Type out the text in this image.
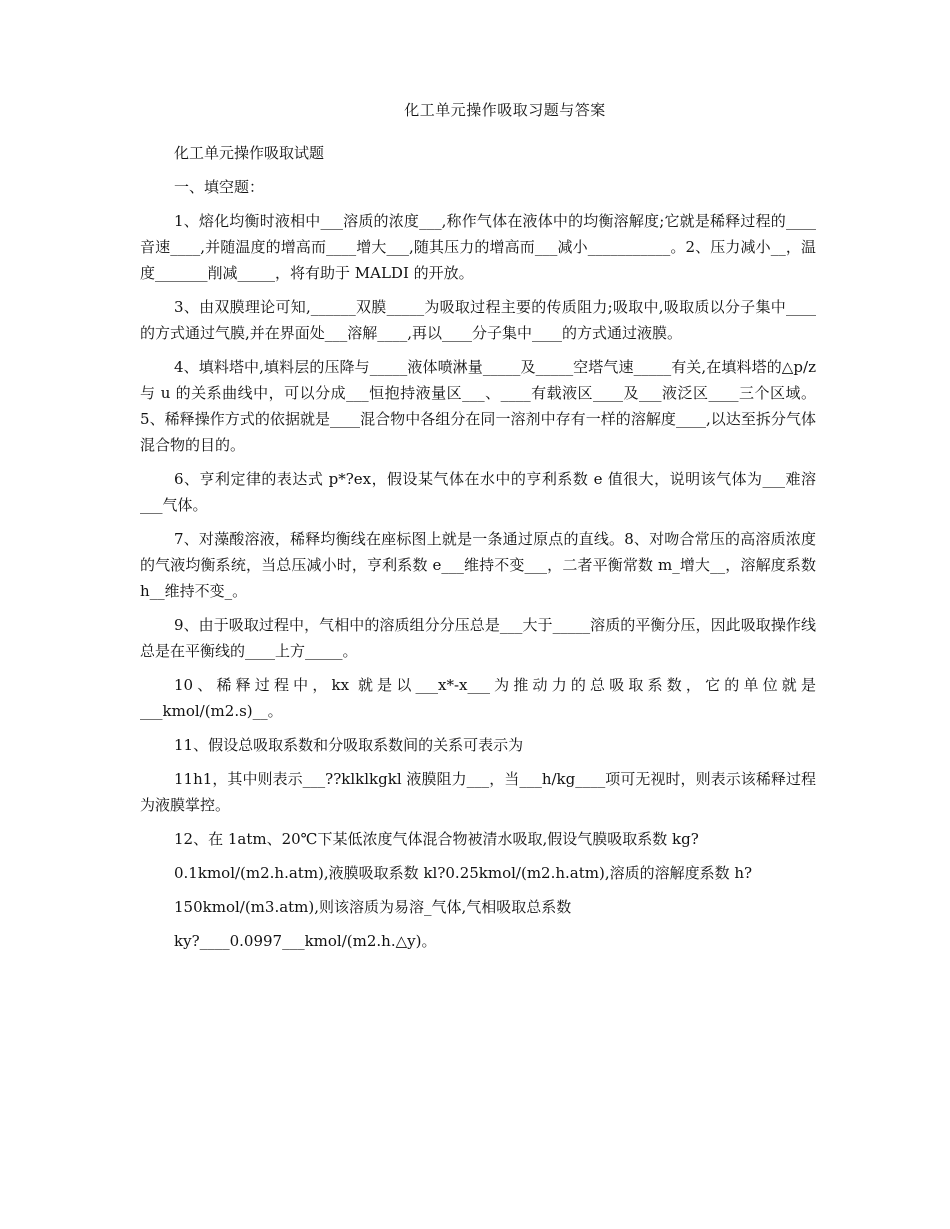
化工单元操作吸取习题与答案

化工单元操作吸取试题

一、填空题：

1、熔化均衡时液相中___溶质的浓度___,称作气体在液体中的均衡溶解度;它就是稀释过程的____音速____,并随温度的增高而____增大___,随其压力的增高而___减小___________。2、压力减小__，温度_______削减_____，将有助于 MALDI 的开放。

3、由双膜理论可知,______双膜_____为吸取过程主要的传质阻力;吸取中,吸取质以分子集中____的方式通过气膜,并在界面处___溶解____,再以____分子集中____的方式通过液膜。

4、填料塔中,填料层的压降与_____液体喷淋量_____及_____空塔气速_____有关,在填料塔的△p/z 与 u 的关系曲线中，可以分成___恒抱持液量区___、____有载液区____及___液泛区____三个区域。5、稀释操作方式的依据就是____混合物中各组分在同一溶剂中存有一样的溶解度____,以达至拆分气体混合物的目的。

6、亨利定律的表达式 p*?ex，假设某气体在水中的亨利系数 e 值很大，说明该气体为___难溶___气体。

7、对藻酸溶液，稀释均衡线在座标图上就是一条通过原点的直线。8、对吻合常压的高溶质浓度的气液均衡系统，当总压减小时，亨利系数 e___维持不变___，二者平衡常数 m_增大__，溶解度系数 h__维持不变_。

9、由于吸取过程中，气相中的溶质组分分压总是___大于_____溶质的平衡分压，因此吸取操作线总是在平衡线的____上方_____。

10、稀释过程中，kx 就是以___x*-x___为推动力的总吸取系数，它的单位就是___kmol/(m2.s)__。

11、假设总吸取系数和分吸取系数间的关系可表示为

11h1，其中则表示___??klklkgkl 液膜阻力___，当___h/kg____项可无视时，则表示该稀释过程为液膜掌控。

12、在 1atm、20℃下某低浓度气体混合物被清水吸取,假设气膜吸取系数 kg?

0.1kmol/(m2.h.atm),液膜吸取系数 kl?0.25kmol/(m2.h.atm),溶质的溶解度系数 h?

150kmol/(m3.atm),则该溶质为易溶_气体,气相吸取总系数

ky?____0.0997___kmol/(m2.h.△y)。
